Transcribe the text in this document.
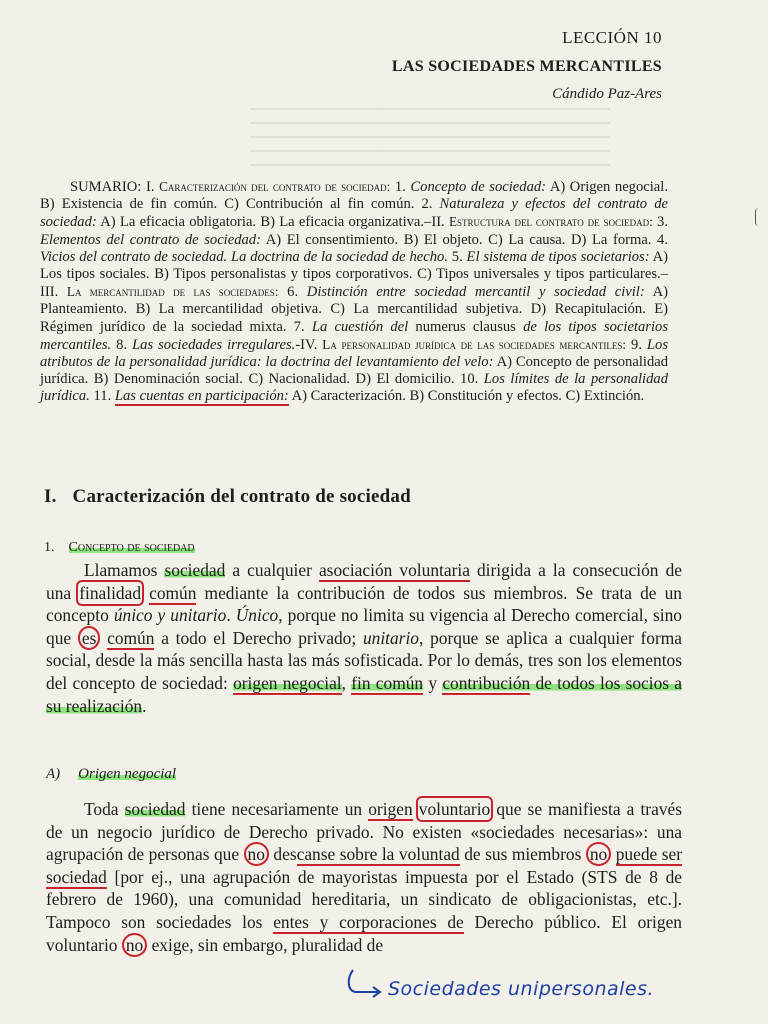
LECCIÓN 10
LAS SOCIEDADES MERCANTILES
Cándido Paz-Ares
SUMARIO: I. Caracterización del contrato de sociedad: 1. Concepto de sociedad: A) Origen negocial. B) Existencia de fin común. C) Contribución al fin común. 2. Naturaleza y efectos del contrato de sociedad: A) La eficacia obligatoria. B) La eficacia organizativa.–II. Estructura del contrato de sociedad: 3. Elementos del contrato de sociedad: A) El consentimiento. B) El objeto. C) La causa. D) La forma. 4. Vicios del contrato de sociedad. La doctrina de la sociedad de hecho. 5. El sistema de tipos societarios: A) Los tipos sociales. B) Tipos personalistas y tipos corporativos. C) Tipos universales y tipos particulares.–III. La mercantilidad de las sociedades: 6. Distinción entre sociedad mercantil y sociedad civil: A) Planteamiento. B) La mercantilidad objetiva. C) La mercantilidad subjetiva. D) Recapitulación. E) Régimen jurídico de la sociedad mixta. 7. La cuestión del numerus clausus de los tipos societarios mercantiles. 8. Las sociedades irregulares.-IV. La personalidad jurídica de las sociedades mercantiles: 9. Los atributos de la personalidad jurídica: la doctrina del levantamiento del velo: A) Concepto de personalidad jurídica. B) Denominación social. C) Nacionalidad. D) El domicilio. 10. Los límites de la personalidad jurídica. 11. Las cuentas en participación: A) Caracterización. B) Constitución y efectos. C) Extinción.
I. Caracterización del contrato de sociedad
1. Concepto de sociedad
Llamamos sociedad a cualquier asociación voluntaria dirigida a la consecución de una finalidad común mediante la contribución de todos sus miembros. Se trata de un concepto único y unitario. Único, porque no limita su vigencia al Derecho comercial, sino que es común a todo el Derecho privado; unitario, porque se aplica a cualquier forma social, desde la más sencilla hasta las más sofisticada. Por lo demás, tres son los elementos del concepto de sociedad: origen negocial, fin común y contribución de todos los socios a su realización.
A) Origen negocial
Toda sociedad tiene necesariamente un origen voluntario que se manifiesta a través de un negocio jurídico de Derecho privado. No existen «sociedades necesarias»: una agrupación de personas que no descanse sobre la voluntad de sus miembros no puede ser sociedad [por ej., una agrupación de mayoristas impuesta por el Estado (STS de 8 de febrero de 1960), una comunidad hereditaria, un sindicato de obligacionistas, etc.]. Tampoco son sociedades los entes y corporaciones de Derecho público. El origen voluntario no exige, sin embargo, pluralidad de
Sociedades unipersonales.
